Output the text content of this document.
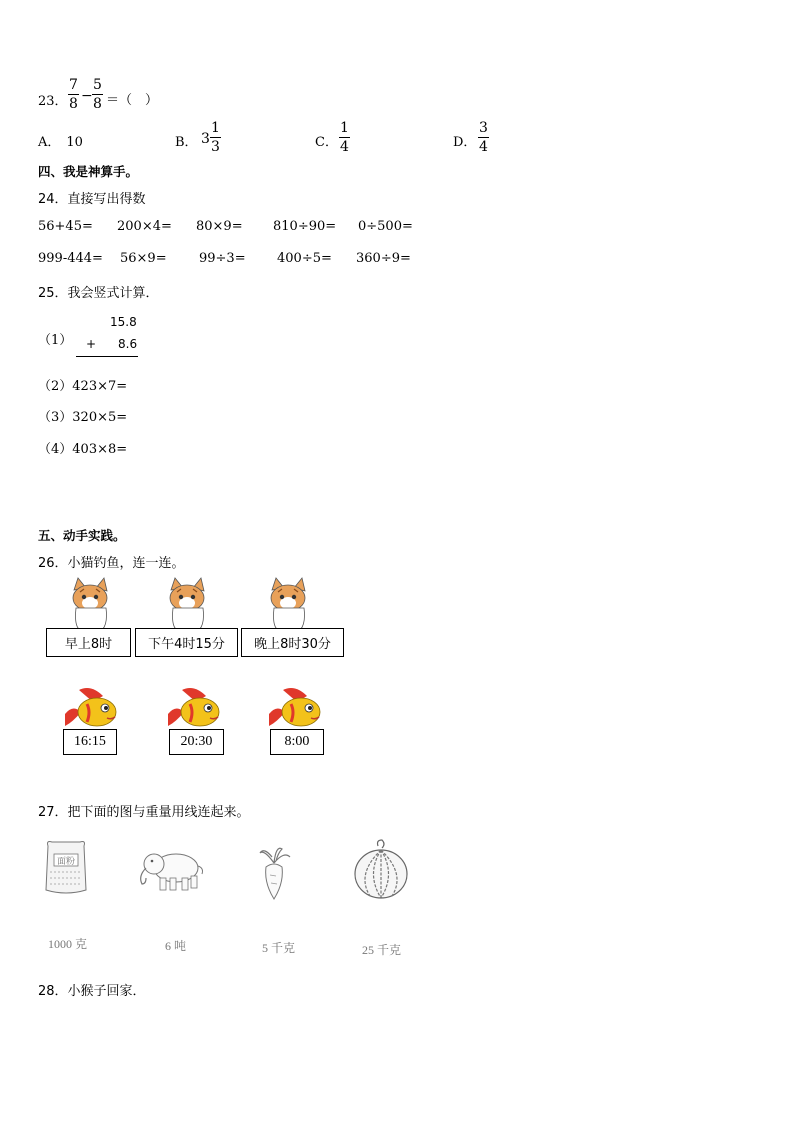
23．
7
8 −
5
8 ＝（　）
A． 10	B． 3
1
3	C．
1
4	D．
3
4
四、我是神算手。
24．直接写出得数
56+45= 200×4= 80×9= 810÷90= 0÷500=
999-444= 56×9= 99÷3= 400÷5= 360÷9=
25．我会竖式计算．
（1）
15.8
+ 8.6
（2）423×7=
（3）320×5=
（4）403×8=
五、动手实践。
26．小猫钓鱼，连一连。
早上8时	下午4时15分	晚上8时30分
16:15	20:30	8:00
27．把下面的图与重量用线连起来。
面粉
1000 克	6 吨	5 千克	25 千克
28．小猴子回家．
